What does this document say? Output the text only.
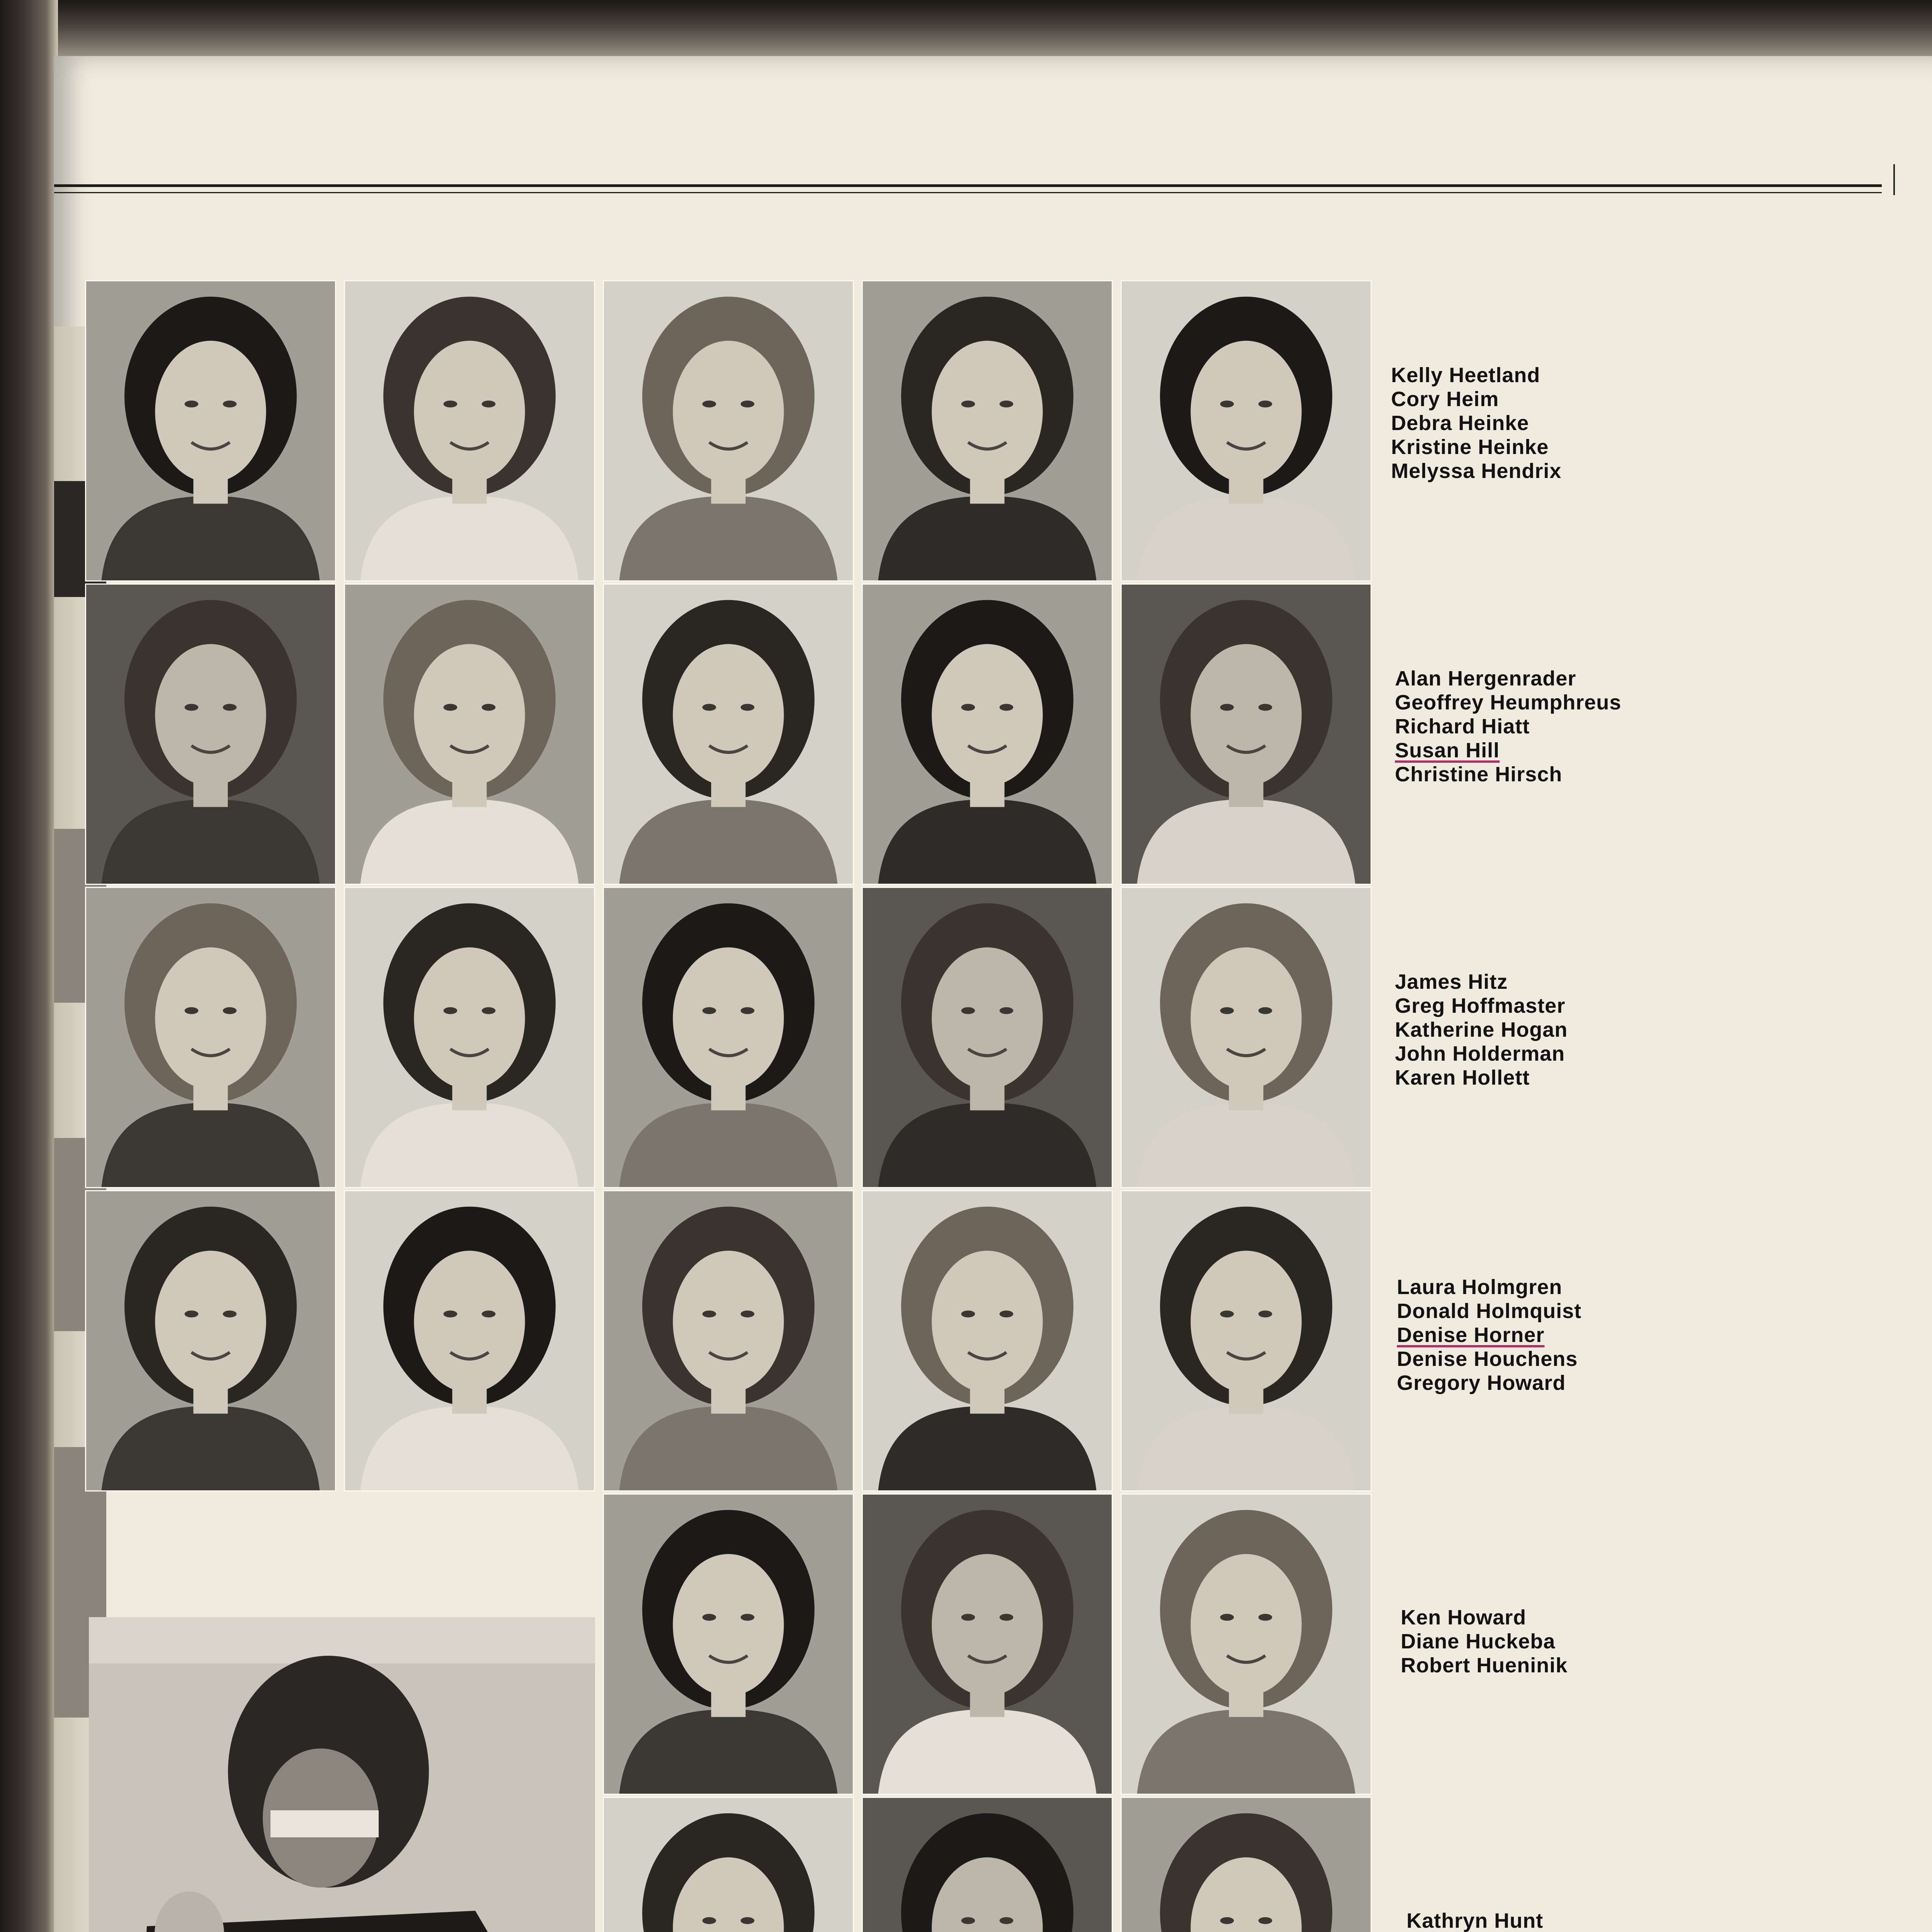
Kelly Heetland
Cory Heim
Debra Heinke
Kristine Heinke
Melyssa Hendrix
Alan Hergenrader
Geoffrey Heumphreus
Richard Hiatt
Susan Hill
Christine Hirsch
James Hitz
Greg Hoffmaster
Katherine Hogan
John Holderman
Karen Hollett
Laura Holmgren
Donald Holmquist
Denise Horner
Denise Houchens
Gregory Howard
Ken Howard
Diane Huckeba
Robert Hueninik
Kathryn Hunt
